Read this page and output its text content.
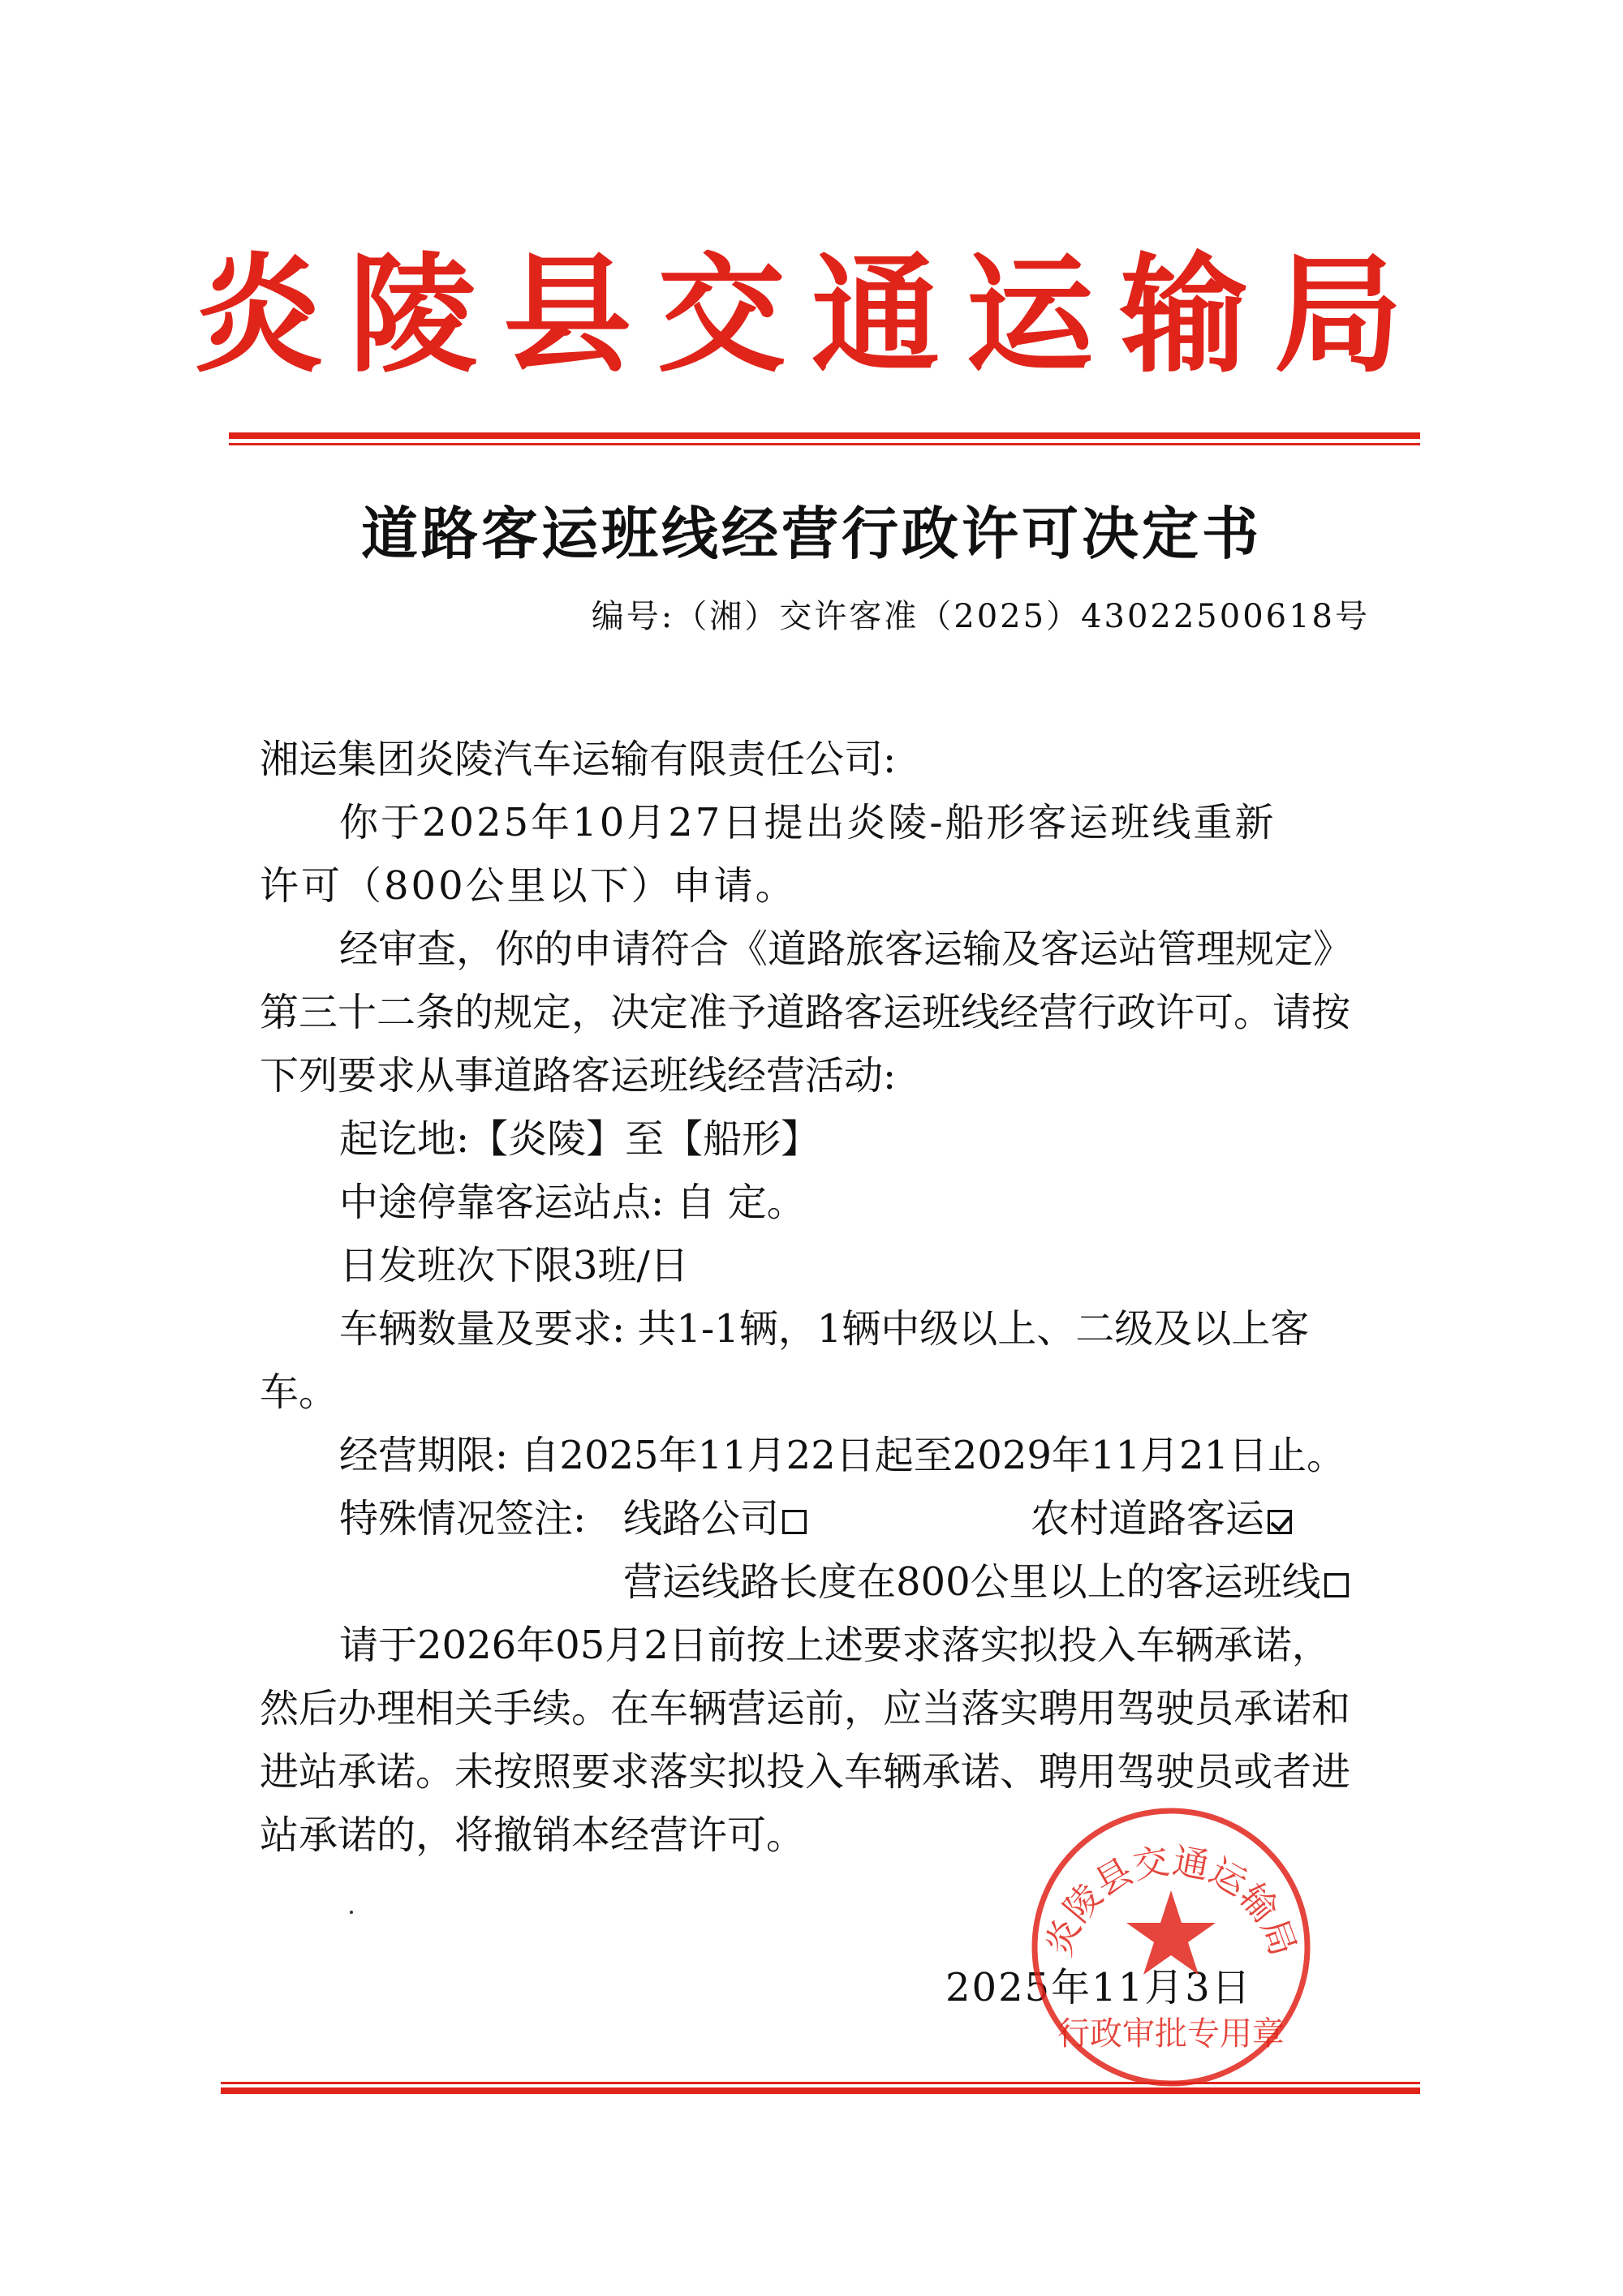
炎陵县交通运输局
道路客运班线经营行政许可决定书
编号:（湘）交许客准（2025）43022500618号
湘运集团炎陵汽车运输有限责任公司:
你于2025年10月27日提出炎陵-船形客运班线重新
许可（800公里以下）申请。
经审查，你的申请符合《道路旅客运输及客运站管理规定》
第三十二条的规定，决定准予道路客运班线经营行政许可。请按
下列要求从事道路客运班线经营活动:
起讫地:【炎陵】至【船形】
中途停靠客运站点: 自 定。
日发班次下限3班/日
车辆数量及要求: 共1-1辆，1辆中级以上、二级及以上客
车。
经营期限: 自2025年11月22日起至2029年11月21日止。
特殊情况签注: 线路公司	农村道路客运
营运线路长度在800公里以上的客运班线
请于2026年05月2日前按上述要求落实拟投入车辆承诺，
然后办理相关手续。在车辆营运前，应当落实聘用驾驶员承诺和
进站承诺。未按照要求落实拟投入车辆承诺、聘用驾驶员或者进
站承诺的，将撤销本经营许可。
2025年11月3日
炎陵县交通运输局
行政审批专用章
